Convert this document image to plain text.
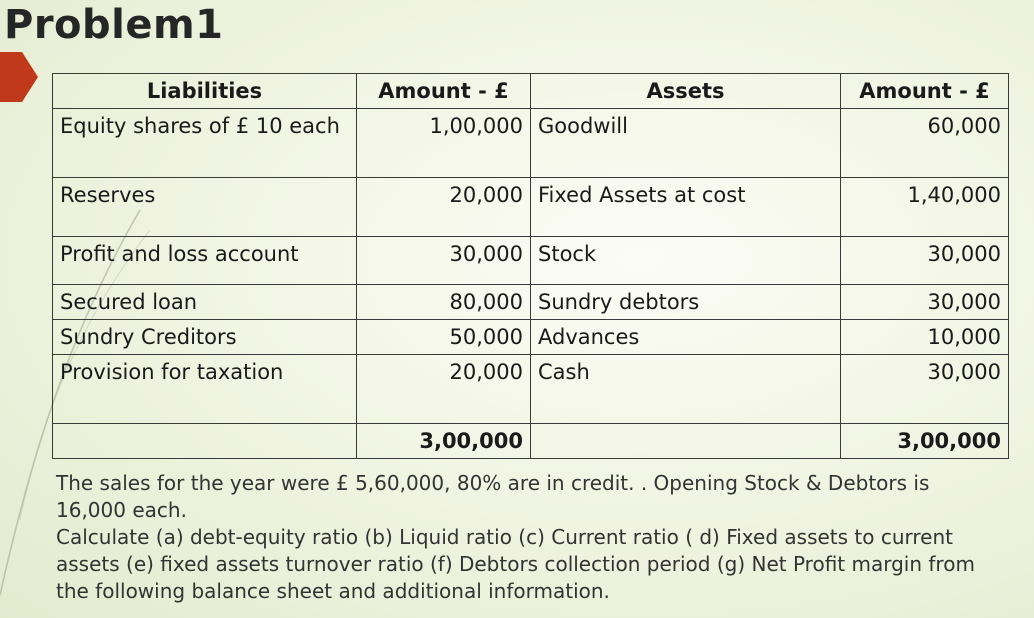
Problem1
Liabilities	Amount - £	Assets	Amount - £
Equity shares of £ 10 each	1,00,000	Goodwill	60,000
Reserves	20,000	Fixed Assets at cost	1,40,000
Profit and loss account	30,000	Stock	30,000
Secured loan	80,000	Sundry debtors	30,000
Sundry Creditors	50,000	Advances	10,000
Provision for taxation	20,000	Cash	30,000
	3,00,000		3,00,000

The sales for the year were £ 5,60,000, 80% are in credit. . Opening Stock & Debtors is 16,000 each.

Calculate (a) debt-equity ratio (b) Liquid ratio (c) Current ratio ( d) Fixed assets to current assets (e) fixed assets turnover ratio (f) Debtors collection period (g) Net Profit margin from the following balance sheet and additional information.
